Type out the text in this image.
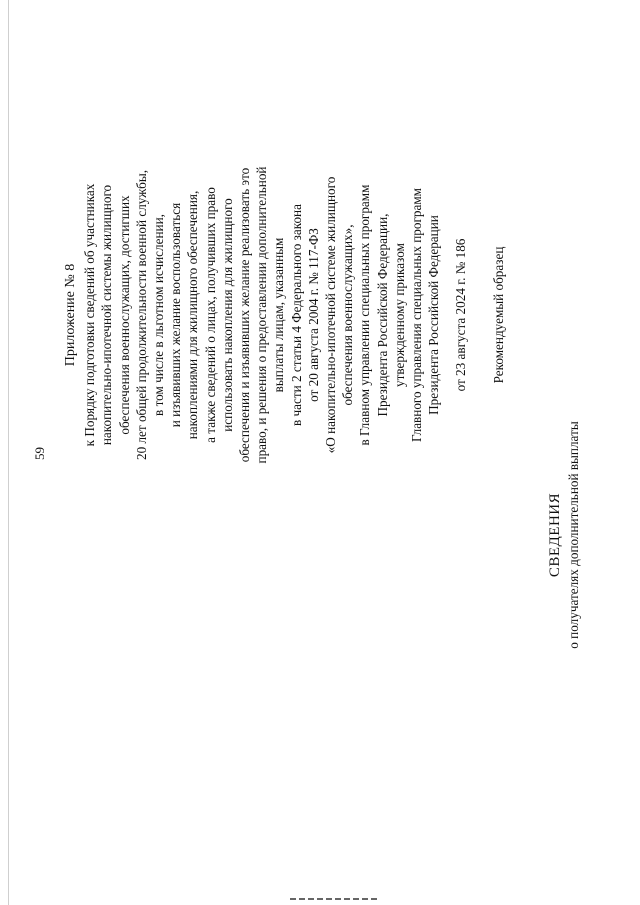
59
Приложение № 8 к Порядку подготовки сведений об участниках накопительно-ипотечной системы жилищного обеспечения военнослужащих, достигших 20 лет общей продолжительности военной службы, в том числе в льготном исчислении, и изъявивших желание воспользоваться накоплениями для жилищного обеспечения, а также сведений о лицах, получивших право использовать накопления для жилищного обеспечения и изъявивших желание реализовать это право, и решения о предоставлении дополнительной выплаты лицам, указанным в части 2 статьи 4 Федерального закона от 20 августа 2004 г. № 117-ФЗ «О накопительно-ипотечной системе жилищного обеспечения военнослужащих», в Главном управлении специальных программ Президента Российской Федерации, утвержденному приказом Главного управления специальных программ Президента Российской Федерации от 23 августа 2024 г. № 186 Рекомендуемый образец
СВЕДЕНИЯ о получателях дополнительной выплаты
